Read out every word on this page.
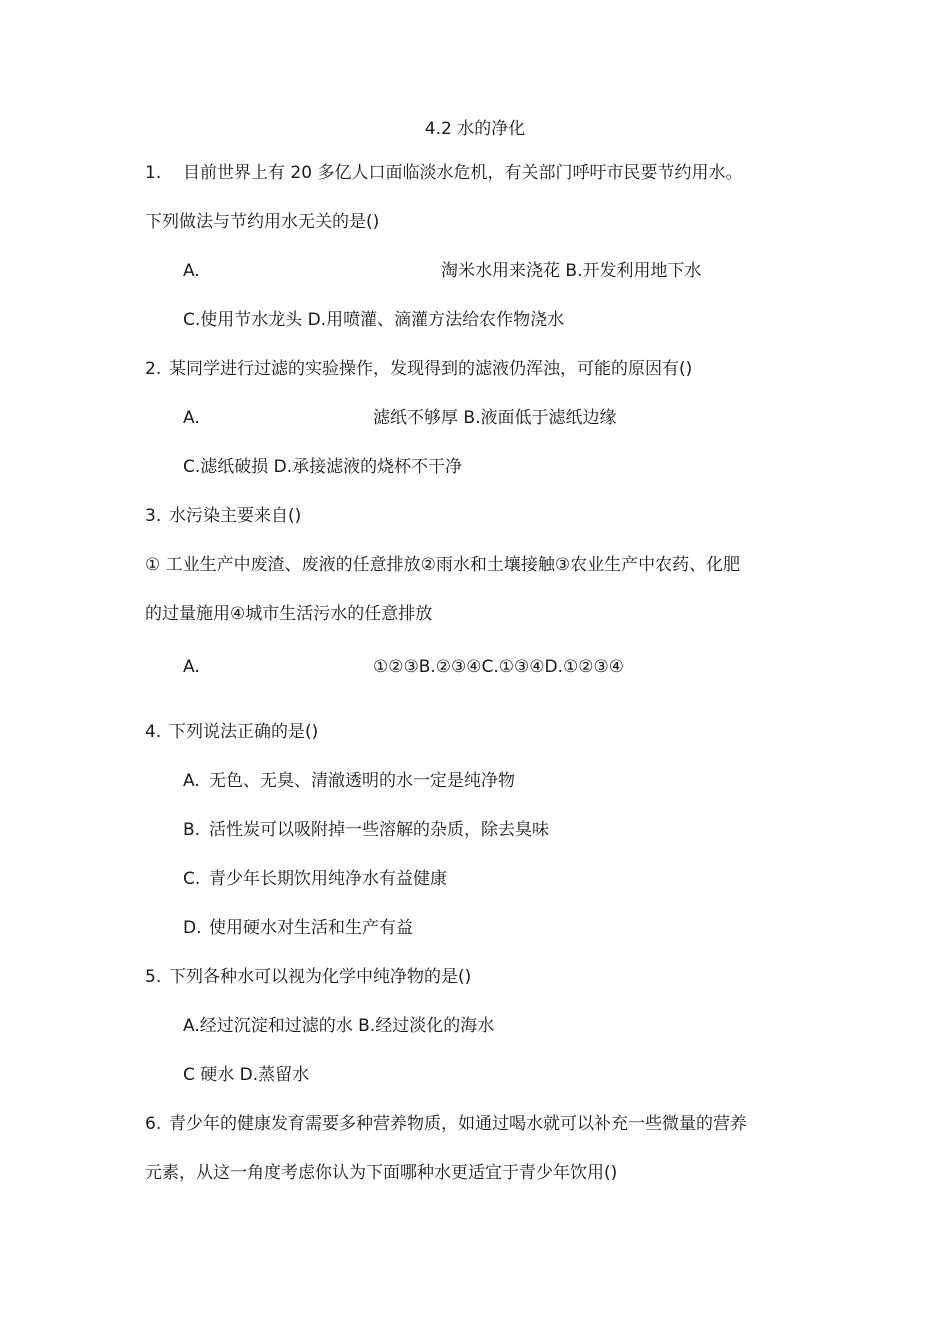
4.2 水的净化
1. 目前世界上有 20 多亿人口面临淡水危机，有关部门呼吁市民要节约用水。
下列做法与节约用水无关的是()
A.	淘米水用来浇花 B.开发利用地下水
C.使用节水龙头 D.用喷灌、滴灌方法给农作物浇水
2. 某同学进行过滤的实验操作，发现得到的滤液仍浑浊，可能的原因有()
A.	滤纸不够厚 B.液面低于滤纸边缘
C.滤纸破损 D.承接滤液的烧杯不干净
3. 水污染主要来自()
① 工业生产中废渣、废液的任意排放②雨水和土壤接触③农业生产中农药、化肥
的过量施用④城市生活污水的任意排放
A.	①②③B.②③④C.①③④D.①②③④
4. 下列说法正确的是()
A. 无色、无臭、清澈透明的水一定是纯净物
B. 活性炭可以吸附掉一些溶解的杂质，除去臭味
C. 青少年长期饮用纯净水有益健康
D. 使用硬水对生活和生产有益
5. 下列各种水可以视为化学中纯净物的是()
A.经过沉淀和过滤的水 B.经过淡化的海水
C 硬水 D.蒸留水
6. 青少年的健康发育需要多种营养物质，如通过喝水就可以补充一些微量的营养
元素，从这一角度考虑你认为下面哪种水更适宜于青少年饮用()
